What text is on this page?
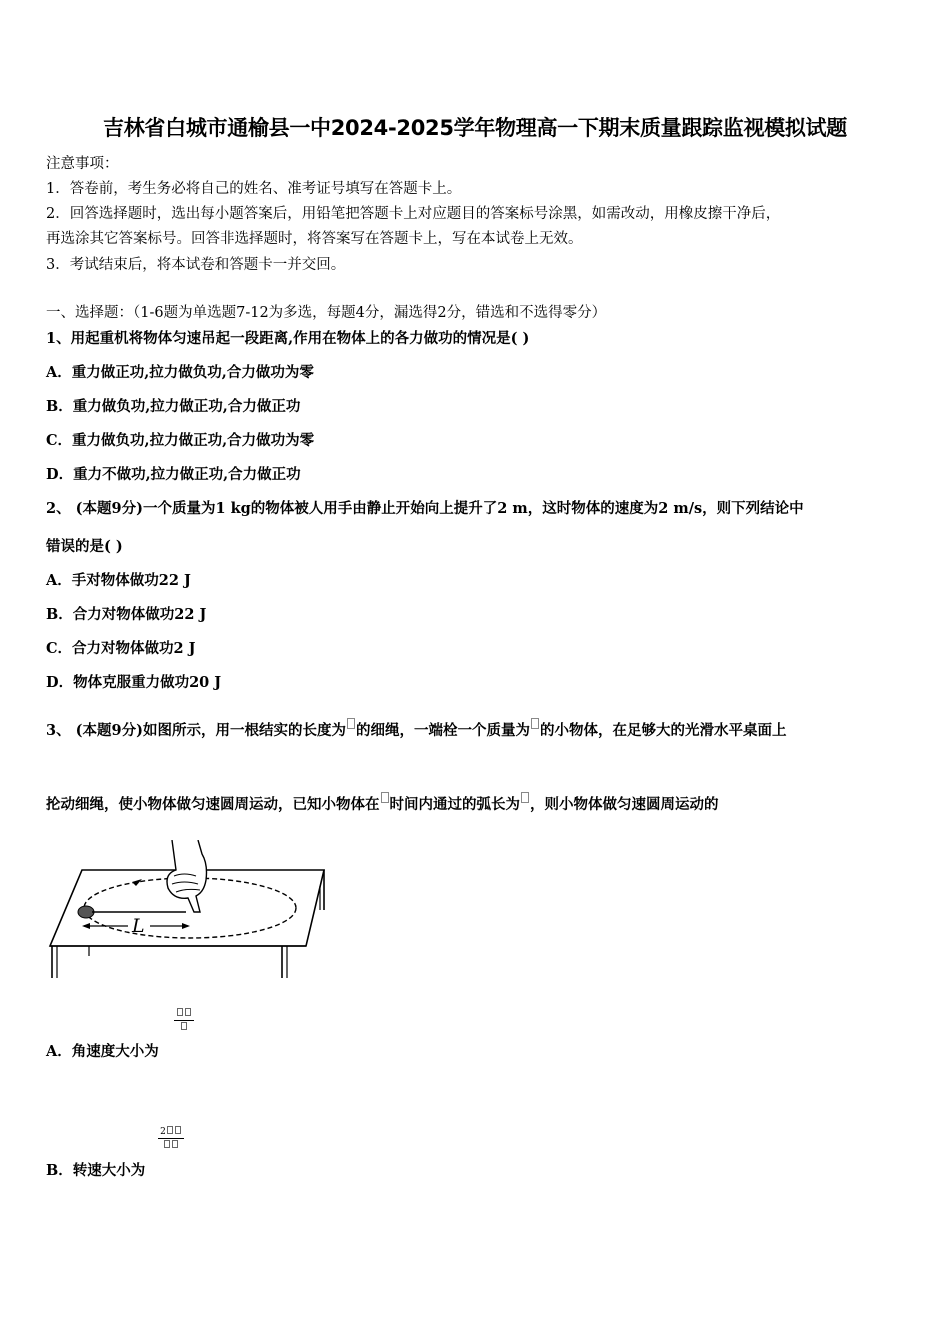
吉林省白城市通榆县一中2024-2025学年物理高一下期末质量跟踪监视模拟试题
注意事项：
1．答卷前，考生务必将自己的姓名、准考证号填写在答题卡上。
2．回答选择题时，选出每小题答案后，用铅笔把答题卡上对应题目的答案标号涂黑，如需改动，用橡皮擦干净后，
再选涂其它答案标号。回答非选择题时，将答案写在答题卡上，写在本试卷上无效。
3．考试结束后，将本试卷和答题卡一并交回。
一、选择题：（1-6题为单选题7-12为多选，每题4分，漏选得2分，错选和不选得零分）
1、用起重机将物体匀速吊起一段距离,作用在物体上的各力做功的情况是( )
A．重力做正功,拉力做负功,合力做功为零
B．重力做负功,拉力做正功,合力做正功
C．重力做负功,拉力做正功,合力做功为零
D．重力不做功,拉力做正功,合力做正功
2、 (本题9分)一个质量为1 kg的物体被人用手由静止开始向上提升了2 m，这时物体的速度为2 m/s，则下列结论中
错误的是( )
A．手对物体做功22 J
B．合力对物体做功22 J
C．合力对物体做功2 J
D．物体克服重力做功20 J
3、 (本题9分)如图所示，用一根结实的长度为 的细绳，一端栓一个质量为 的小物体，在足够大的光滑水平桌面上
抡动细绳，使小物体做匀速圆周运动，已知小物体在 时间内通过的弧长为 ，则小物体做匀速圆周运动的
L
A．角速度大小为
2
B．转速大小为
